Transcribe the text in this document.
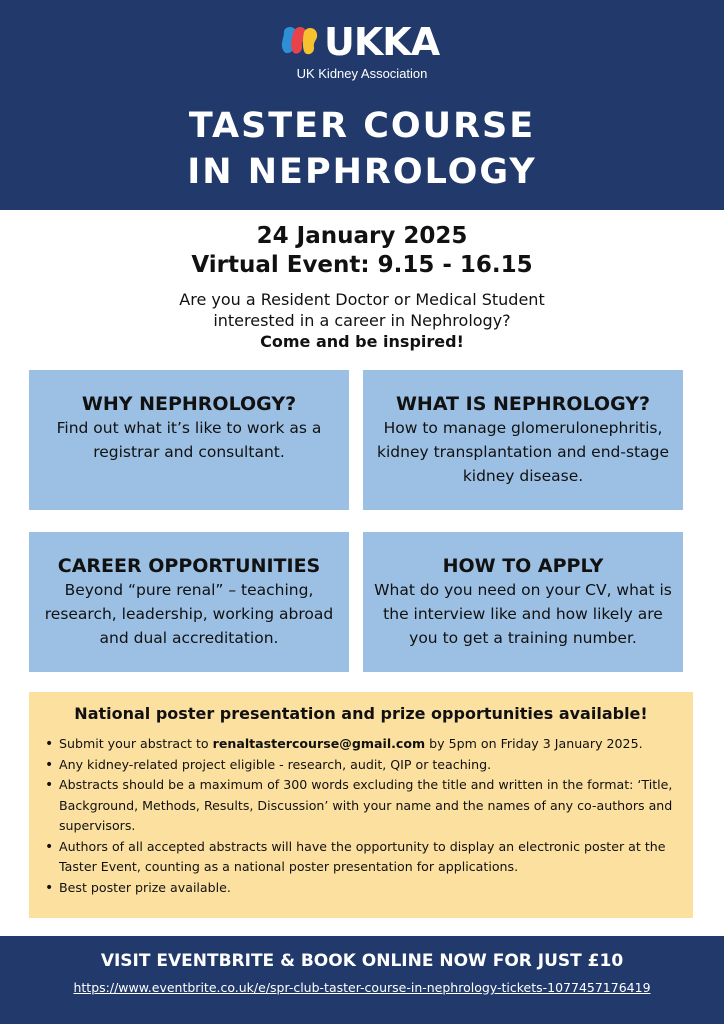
UKKA
UK Kidney Association
TASTER COURSE
IN NEPHROLOGY
24 January 2025
Virtual Event: 9.15 - 16.15
Are you a Resident Doctor or Medical Student
interested in a career in Nephrology?
Come and be inspired!
WHY NEPHROLOGY?

Find out what it’s like to work as a registrar and consultant.

WHAT IS NEPHROLOGY?

How to manage glomerulonephritis, kidney transplantation and end-stage kidney disease.

CAREER OPPORTUNITIES

Beyond “pure renal” – teaching, research, leadership, working abroad and dual accreditation.

HOW TO APPLY

What do you need on your CV, what is the interview like and how likely are you to get a training number.

National poster presentation and prize opportunities available!
• Submit your abstract to renaltastercourse@gmail.com by 5pm on Friday 3 January 2025.
• Any kidney-related project eligible - research, audit, QIP or teaching.
• Abstracts should be a maximum of 300 words excluding the title and written in the format: ‘Title, Background, Methods, Results, Discussion’ with your name and the names of any co-authors and supervisors.
• Authors of all accepted abstracts will have the opportunity to display an electronic poster at the Taster Event, counting as a national poster presentation for applications.
• Best poster prize available.
VISIT EVENTBRITE & BOOK ONLINE NOW FOR JUST £10
https://www.eventbrite.co.uk/e/spr-club-taster-course-in-nephrology-tickets-1077457176419
